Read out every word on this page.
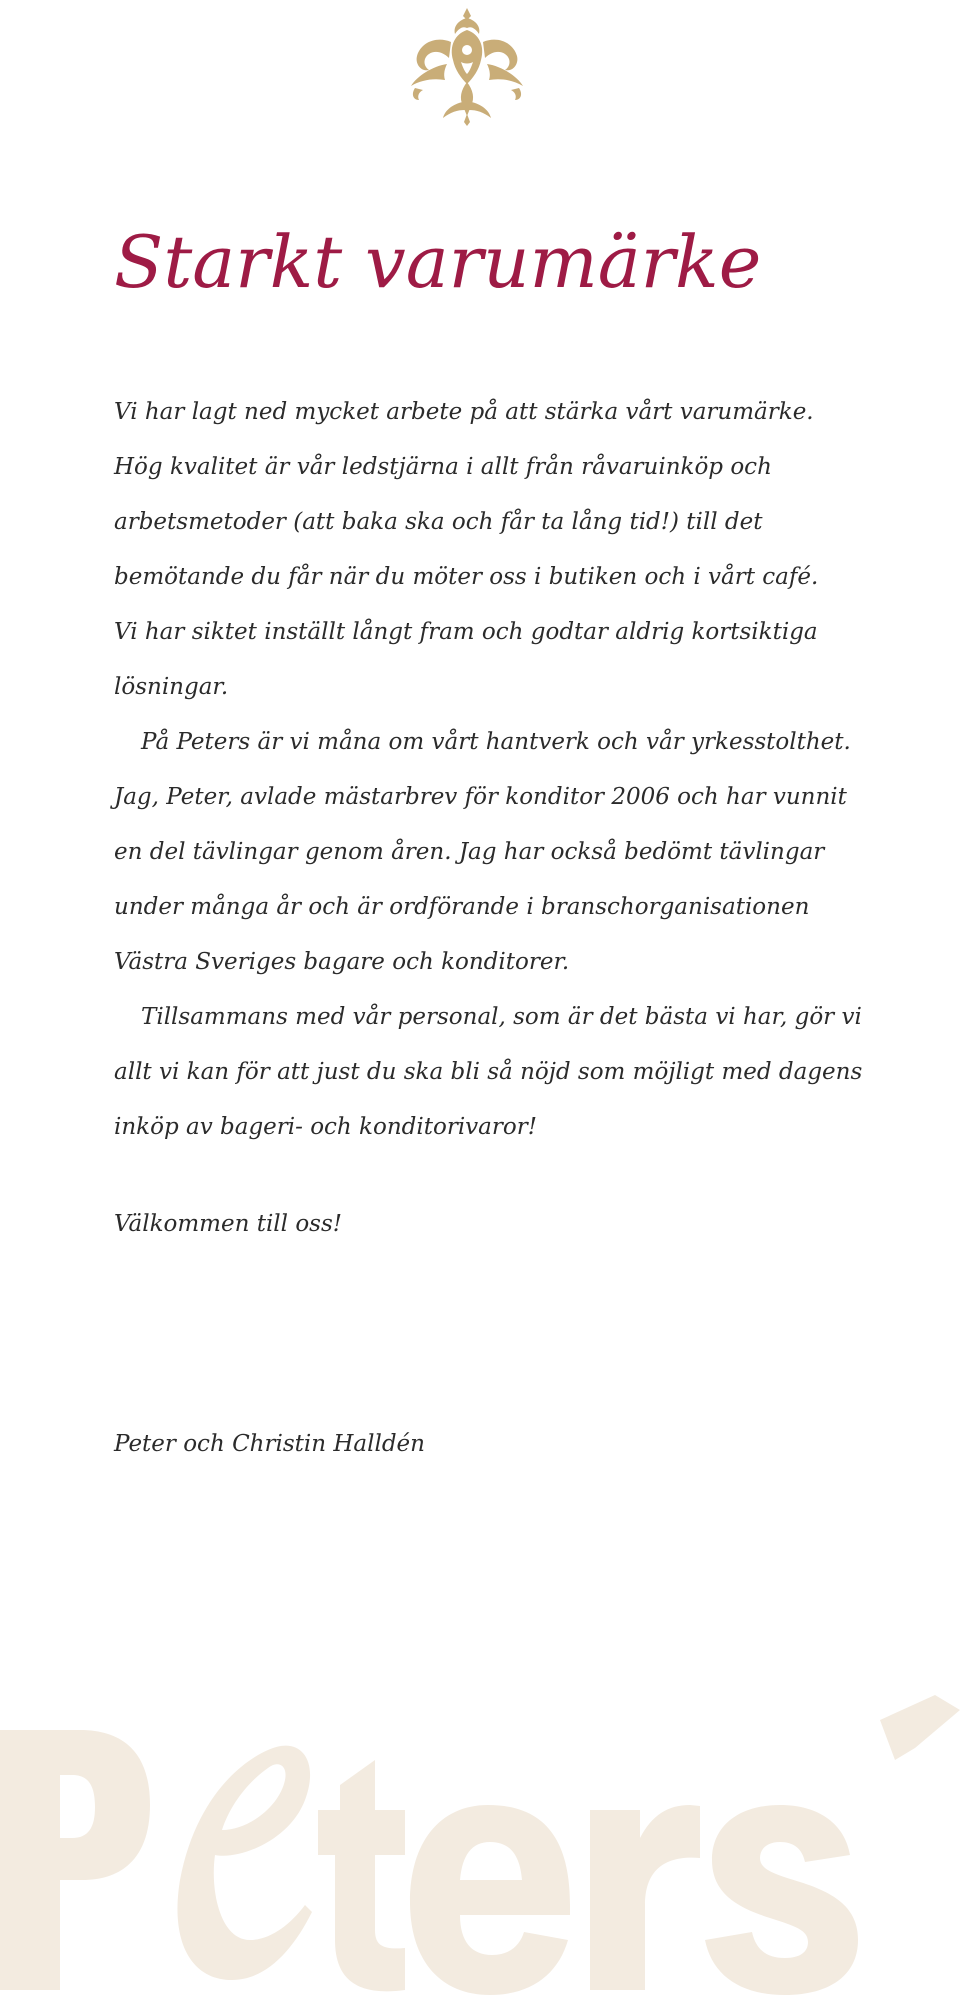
Starkt varumärke

Vi har lagt ned mycket arbete på att stärka vårt varumärke.

Hög kvalitet är vår ledstjärna i allt från råvaruinköp och

arbetsmetoder (att baka ska och får ta lång tid!) till det

bemötande du får när du möter oss i butiken och i vårt café.

Vi har siktet inställt långt fram och godtar aldrig kortsiktiga

lösningar.

På Peters är vi måna om vårt hantverk och vår yrkesstolthet.

Jag, Peter, avlade mästarbrev för konditor 2006 och har vunnit

en del tävlingar genom åren. Jag har också bedömt tävlingar

under många år och är ordförande i branschorganisationen

Västra Sveriges bagare och konditorer.

Tillsammans med vår personal, som är det bästa vi har, gör vi

allt vi kan för att just du ska bli så nöjd som möjligt med dagens

inköp av bageri- och konditorivaror!

Välkommen till oss!
Peter och Christin Halldén
